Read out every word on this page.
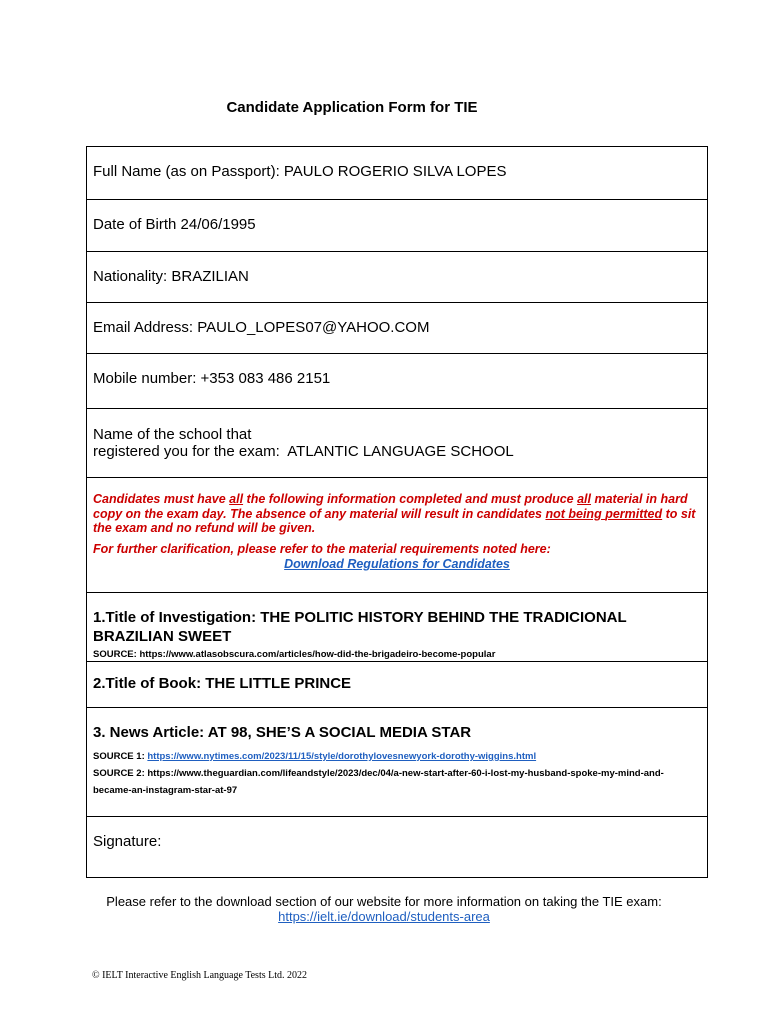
Candidate Application Form for TIE
Full Name (as on Passport): PAULO ROGERIO SILVA LOPES
Date of Birth 24/06/1995
Nationality: BRAZILIAN
Email Address: PAULO_LOPES07@YAHOO.COM
Mobile number: +353 083 486 2151
Name of the school that
registered you for the exam:  ATLANTIC LANGUAGE SCHOOL
Candidates must have all the following information completed and must produce all material in hard copy on the exam day. The absence of any material will result in candidates not being permitted to sit the exam and no refund will be given.
For further clarification, please refer to the material requirements noted here:
Download Regulations for Candidates
1.Title of Investigation: THE POLITIC HISTORY BEHIND THE TRADICIONAL BRAZILIAN SWEET
SOURCE: https://www.atlasobscura.com/articles/how-did-the-brigadeiro-become-popular
2.Title of Book: THE LITTLE PRINCE
3. News Article: AT 98, SHE’S A SOCIAL MEDIA STAR
SOURCE 1: https://www.nytimes.com/2023/11/15/style/dorothylovesnewyork-dorothy-wiggins.html
SOURCE 2: https://www.theguardian.com/lifeandstyle/2023/dec/04/a-new-start-after-60-i-lost-my-husband-spoke-my-mind-and-became-an-instagram-star-at-97
Signature:
Please refer to the download section of our website for more information on taking the TIE exam:
https://ielt.ie/download/students-area
© IELT Interactive English Language Tests Ltd. 2022
